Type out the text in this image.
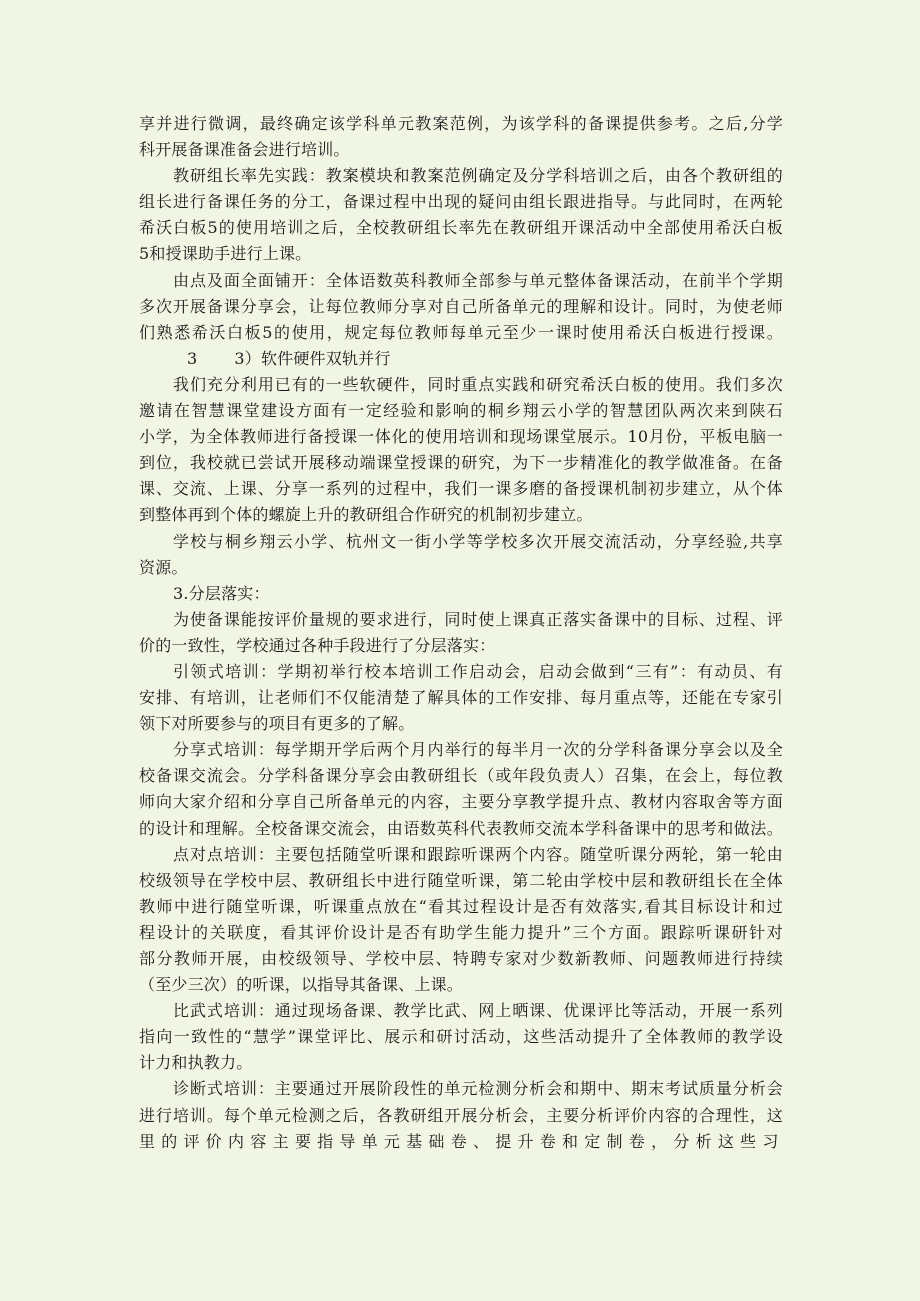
享并进行微调，最终确定该学科单元教案范例，为该学科的备课提供参考。之后,分学
科开展备课准备会进行培训。
教研组长率先实践：教案模块和教案范例确定及分学科培训之后，由各个教研组的
组长进行备课任务的分工，备课过程中出现的疑问由组长跟进指导。与此同时，在两轮
希沃白板5的使用培训之后，全校教研组长率先在教研组开课活动中全部使用希沃白板
5和授课助手进行上课。
由点及面全面铺开：全体语数英科教师全部参与单元整体备课活动，在前半个学期
多次开展备课分享会，让每位教师分享对自己所备单元的理解和设计。同时，为使老师
们熟悉希沃白板5的使用，规定每位教师每单元至少一课时使用希沃白板进行授课。
3       3）软件硬件双轨并行
我们充分利用已有的一些软硬件，同时重点实践和研究希沃白板的使用。我们多次
邀请在智慧课堂建设方面有一定经验和影响的桐乡翔云小学的智慧团队两次来到陕石
小学，为全体教师进行备授课一体化的使用培训和现场课堂展示。10月份，平板电脑一
到位，我校就已尝试开展移动端课堂授课的研究，为下一步精准化的教学做准备。在备
课、交流、上课、分享一系列的过程中，我们一课多磨的备授课机制初步建立，从个体
到整体再到个体的螺旋上升的教研组合作研究的机制初步建立。
学校与桐乡翔云小学、杭州文一街小学等学校多次开展交流活动，分享经验,共享
资源。
3.分层落实：
为使备课能按评价量规的要求进行，同时使上课真正落实备课中的目标、过程、评
价的一致性，学校通过各种手段进行了分层落实：
引领式培训：学期初举行校本培训工作启动会，启动会做到“三有”：有动员、有
安排、有培训，让老师们不仅能清楚了解具体的工作安排、每月重点等，还能在专家引
领下对所要参与的项目有更多的了解。
分享式培训：每学期开学后两个月内举行的每半月一次的分学科备课分享会以及全
校备课交流会。分学科备课分享会由教研组长（或年段负责人）召集，在会上，每位教
师向大家介绍和分享自己所备单元的内容，主要分享教学提升点、教材内容取舍等方面
的设计和理解。全校备课交流会，由语数英科代表教师交流本学科备课中的思考和做法。
点对点培训：主要包括随堂听课和跟踪听课两个内容。随堂听课分两轮，第一轮由
校级领导在学校中层、教研组长中进行随堂听课，第二轮由学校中层和教研组长在全体
教师中进行随堂听课，听课重点放在“看其过程设计是否有效落实,看其目标设计和过
程设计的关联度，看其评价设计是否有助学生能力提升”三个方面。跟踪听课研针对
部分教师开展，由校级领导、学校中层、特聘专家对少数新教师、问题教师进行持续
（至少三次）的听课，以指导其备课、上课。
比武式培训：通过现场备课、教学比武、网上晒课、优课评比等活动，开展一系列
指向一致性的“慧学”课堂评比、展示和研讨活动，这些活动提升了全体教师的教学设
计力和执教力。
诊断式培训：主要通过开展阶段性的单元检测分析会和期中、期末考试质量分析会
进行培训。每个单元检测之后，各教研组开展分析会，主要分析评价内容的合理性，这
里的评价内容主要指导单元基础卷、提升卷和定制卷，分析这些习
